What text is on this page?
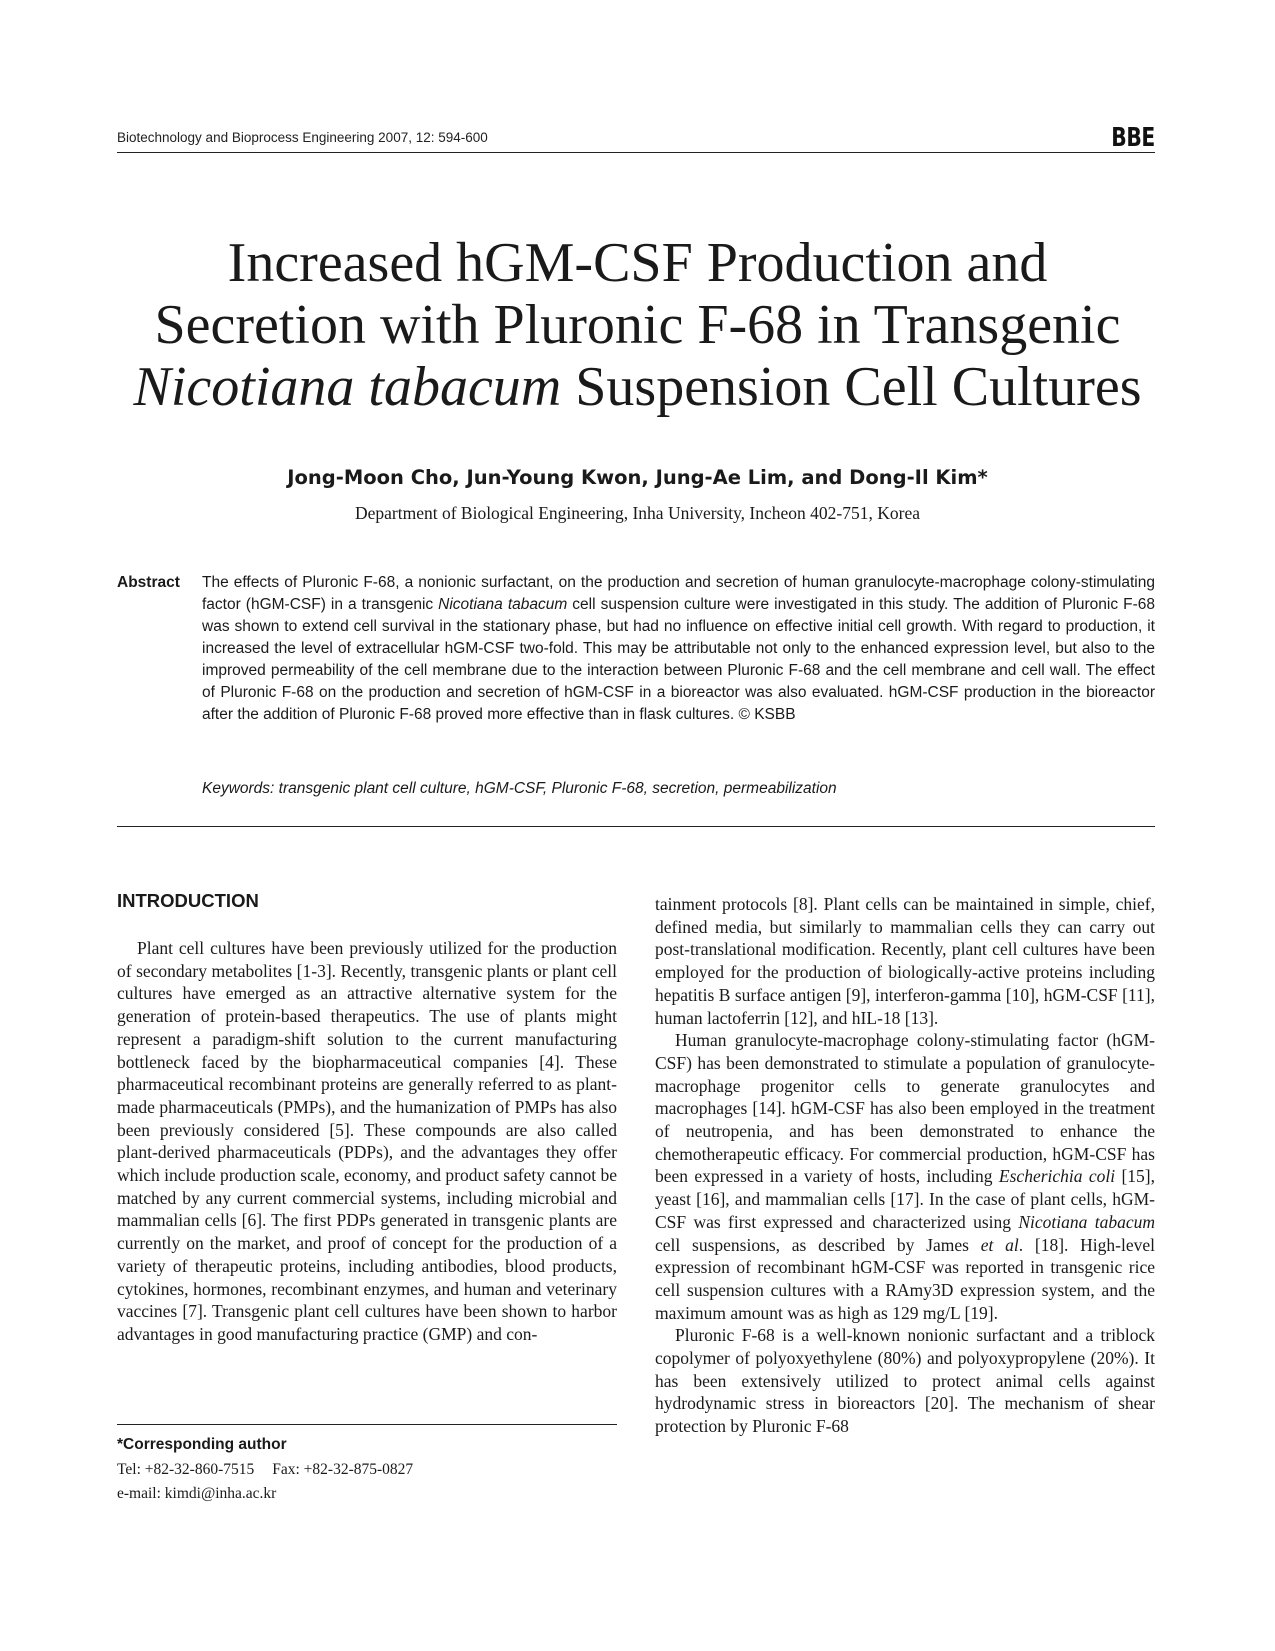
Biotechnology and Bioprocess Engineering 2007, 12: 594-600	BBE
Increased hGM-CSF Production and
Secretion with Pluronic F-68 in Transgenic
Nicotiana tabacum Suspension Cell Cultures
Jong-Moon Cho, Jun-Young Kwon, Jung-Ae Lim, and Dong-Il Kim*
Department of Biological Engineering, Inha University, Incheon 402-751, Korea
Abstract The effects of Pluronic F-68, a nonionic surfactant, on the production and secretion of human granulocyte-macrophage colony-stimulating factor (hGM-CSF) in a transgenic Nicotiana tabacum cell suspension culture were investigated in this study. The addition of Pluronic F-68 was shown to extend cell survival in the stationary phase, but had no influence on effective initial cell growth. With regard to production, it increased the level of extracellular hGM-CSF two-fold. This may be attributable not only to the enhanced expression level, but also to the improved permeability of the cell membrane due to the interaction between Pluronic F-68 and the cell membrane and cell wall. The effect of Pluronic F-68 on the production and secretion of hGM-CSF in a bioreactor was also evaluated. hGM-CSF production in the bioreactor after the addition of Pluronic F-68 proved more effective than in flask cultures. © KSBB
Keywords: transgenic plant cell culture, hGM-CSF, Pluronic F-68, secretion, permeabilization
INTRODUCTION

Plant cell cultures have been previously utilized for the production of secondary metabolites [1-3]. Recently, transgenic plants or plant cell cultures have emerged as an attractive alternative system for the generation of protein-based therapeutics. The use of plants might represent a paradigm-shift solution to the current manufacturing bottleneck faced by the biopharmaceutical companies [4]. These pharmaceutical recombinant proteins are generally referred to as plant-made pharmaceuticals (PMPs), and the humanization of PMPs has also been previously considered [5]. These compounds are also called plant-derived pharmaceuticals (PDPs), and the advantages they offer which include production scale, economy, and product safety cannot be matched by any current commercial systems, including microbial and mammalian cells [6]. The first PDPs generated in transgenic plants are currently on the market, and proof of concept for the production of a variety of therapeutic proteins, including antibodies, blood products, cytokines, hormones, recombinant enzymes, and human and veterinary vaccines [7]. Transgenic plant cell cultures have been shown to harbor advantages in good manufacturing practice (GMP) and con-

tainment protocols [8]. Plant cells can be maintained in simple, chief, defined media, but similarly to mammalian cells they can carry out post-translational modification. Recently, plant cell cultures have been employed for the production of biologically-active proteins including hepatitis B surface antigen [9], interferon-gamma [10], hGM-CSF [11], human lactoferrin [12], and hIL-18 [13].

Human granulocyte-macrophage colony-stimulating factor (hGM-CSF) has been demonstrated to stimulate a population of granulocyte-macrophage progenitor cells to generate granulocytes and macrophages [14]. hGM-CSF has also been employed in the treatment of neutropenia, and has been demonstrated to enhance the chemotherapeutic efficacy. For commercial production, hGM-CSF has been expressed in a variety of hosts, including Escherichia coli [15], yeast [16], and mammalian cells [17]. In the case of plant cells, hGM-CSF was first expressed and characterized using Nicotiana tabacum cell suspensions, as described by James et al. [18]. High-level expression of recombinant hGM-CSF was reported in transgenic rice cell suspension cultures with a RAmy3D expression system, and the maximum amount was as high as 129 mg/L [19].

Pluronic F-68 is a well-known nonionic surfactant and a triblock copolymer of polyoxyethylene (80%) and polyoxypropylene (20%). It has been extensively utilized to protect animal cells against hydrodynamic stress in bioreactors [20]. The mechanism of shear protection by Pluronic F-68

*Corresponding author
Tel: +82-32-860-7515 Fax: +82-32-875-0827
e-mail: kimdi@inha.ac.kr
